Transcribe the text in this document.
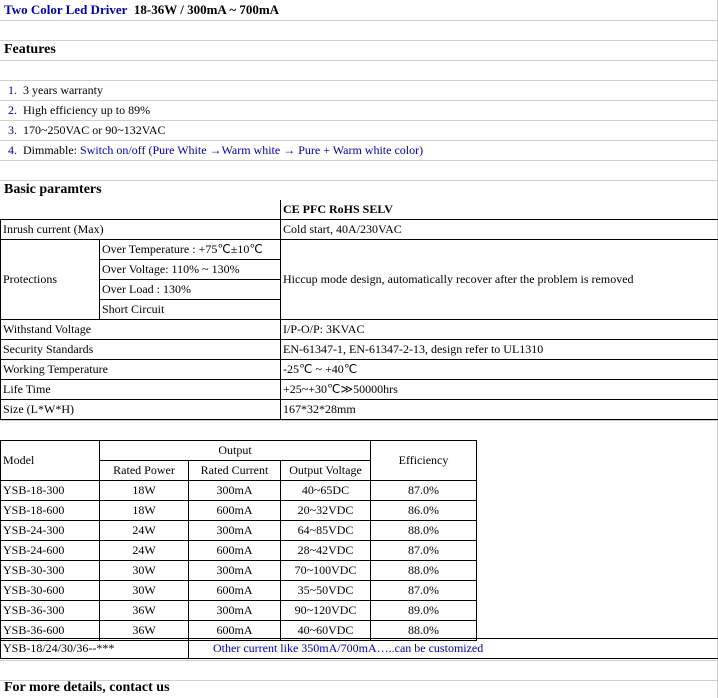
Two Color Led Driver 18-36W / 300mA ~ 700mA
Features
1. 3 years warranty
2. High efficiency up to 89%
3. 170~250VAC or 90~132VAC
4. Dimmable: Switch on/off (Pure White →Warm white → Pure + Warm white color)
Basic paramters
		CE PFC RoHS SELV
Inrush current (Max)		Cold start, 40A/230VAC
Protections	Over Temperature : +75℃±10℃	Hiccup mode design, automatically recover after the problem is removed
	Over Voltage: 110% ~ 130%	
	Over Load : 130%	
	Short Circuit	
Withstand Voltage		I/P-O/P: 3KVAC
Security Standards		EN-61347-1, EN-61347-2-13, design refer to UL1310
Working Temperature		-25℃ ~ +40℃
Life Time		+25~+30℃≫50000hrs
Size (L*W*H)		167*32*28mm
Model	Output			Efficiency
	Rated Power	Rated Current	Output Voltage	
YSB-18-300	18W	300mA	40~65DC	87.0%
YSB-18-600	18W	600mA	20~32VDC	86.0%
YSB-24-300	24W	300mA	64~85VDC	88.0%
YSB-24-600	24W	600mA	28~42VDC	87.0%
YSB-30-300	30W	300mA	70~100VDC	88.0%
YSB-30-600	30W	600mA	35~50VDC	87.0%
YSB-36-300	36W	300mA	90~120VDC	89.0%
YSB-36-600	36W	600mA	40~60VDC	88.0%
YSB-18/24/30/36--***	Other current like 350mA/700mA…..can be customized
For more details, contact us
